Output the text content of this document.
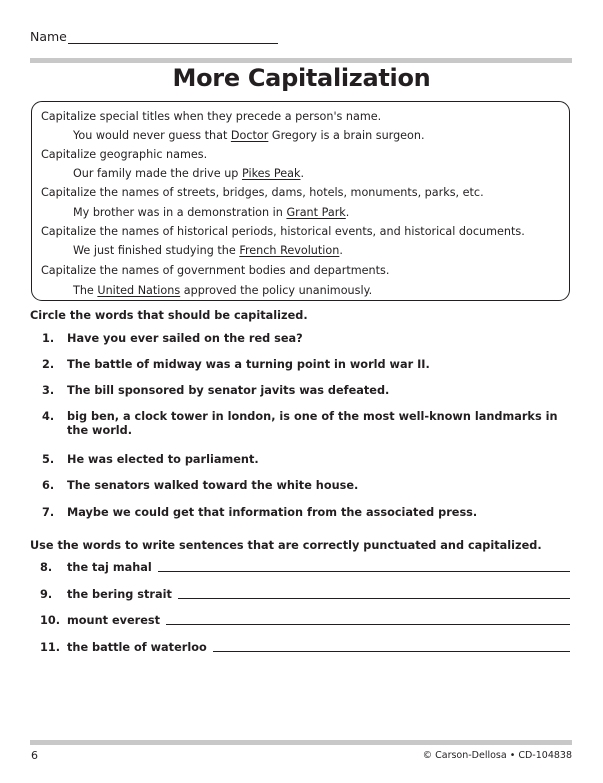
Name
More Capitalization
Capitalize special titles when they precede a person's name.
You would never guess that Doctor Gregory is a brain surgeon.
Capitalize geographic names.
Our family made the drive up Pikes Peak.
Capitalize the names of streets, bridges, dams, hotels, monuments, parks, etc.
My brother was in a demonstration in Grant Park.
Capitalize the names of historical periods, historical events, and historical documents.
We just finished studying the French Revolution.
Capitalize the names of government bodies and departments.
The United Nations approved the policy unanimously.
Circle the words that should be capitalized.
1.	Have you ever sailed on the red sea?
2.	The battle of midway was a turning point in world war II.
3.	The bill sponsored by senator javits was defeated.
4.	big ben, a clock tower in london, is one of the most well-known landmarks in the world.
5.	He was elected to parliament.
6.	The senators walked toward the white house.
7.	Maybe we could get that information from the associated press.
Use the words to write sentences that are correctly punctuated and capitalized.
8.	the taj mahal
9.	the bering strait
10. mount everest
11. the battle of waterloo
6	© Carson-Dellosa • CD-104838
